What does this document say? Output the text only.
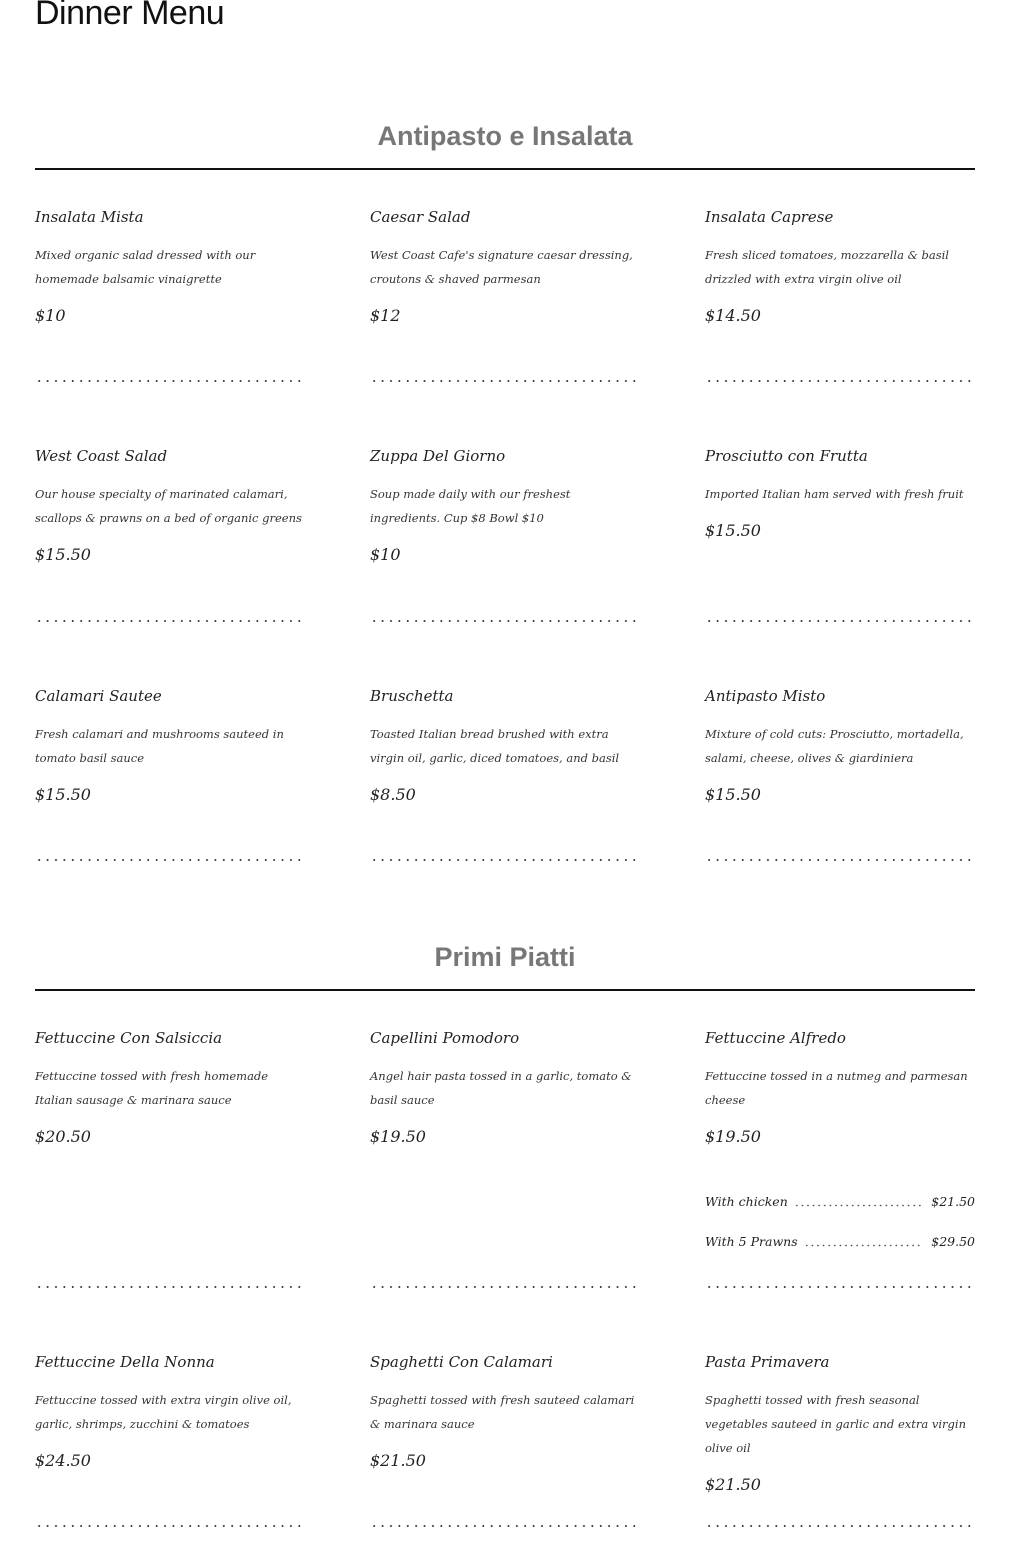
Dinner Menu
Antipasto e Insalata
Insalata Mista
Mixed organic salad dressed with our homemade balsamic vinaigrette
$10
Caesar Salad
West Coast Cafe's signature caesar dressing, croutons & shaved parmesan
$12
Insalata Caprese
Fresh sliced tomatoes, mozzarella & basil drizzled with extra virgin olive oil
$14.50
West Coast Salad
Our house specialty of marinated calamari, scallops & prawns on a bed of organic greens
$15.50
Zuppa Del Giorno
Soup made daily with our freshest ingredients. Cup $8 Bowl $10
$10
Prosciutto con Frutta
Imported Italian ham served with fresh fruit
$15.50
Calamari Sautee
Fresh calamari and mushrooms sauteed in tomato basil sauce
$15.50
Bruschetta
Toasted Italian bread brushed with extra virgin oil, garlic, diced tomatoes, and basil
$8.50
Antipasto Misto
Mixture of cold cuts: Prosciutto, mortadella, salami, cheese, olives & giardiniera
$15.50
Primi Piatti
Fettuccine Con Salsiccia
Fettuccine tossed with fresh homemade Italian sausage & marinara sauce
$20.50
Capellini Pomodoro
Angel hair pasta tossed in a garlic, tomato & basil sauce
$19.50
Fettuccine Alfredo
Fettuccine tossed in a nutmeg and parmesan cheese
$19.50
With chicken	$21.50
With 5 Prawns	$29.50
Fettuccine Della Nonna
Fettuccine tossed with extra virgin olive oil, garlic, shrimps, zucchini & tomatoes
$24.50
Spaghetti Con Calamari
Spaghetti tossed with fresh sauteed calamari & marinara sauce
$21.50
Pasta Primavera
Spaghetti tossed with fresh seasonal vegetables sauteed in garlic and extra virgin olive oil
$21.50
